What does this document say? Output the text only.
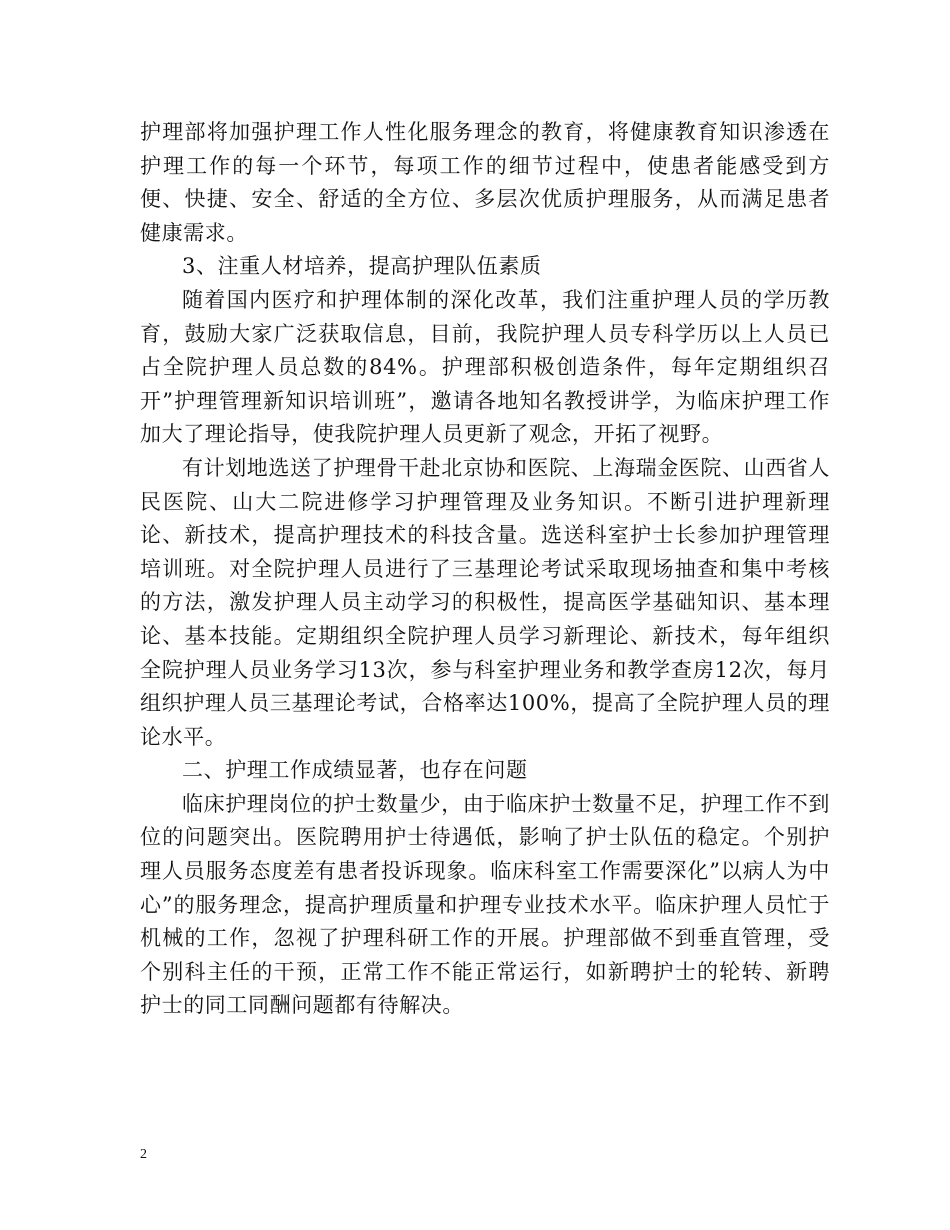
护理部将加强护理工作人性化服务理念的教育，将健康教育知识渗透在护理工作的每一个环节，每项工作的细节过程中，使患者能感受到方便、快捷、安全、舒适的全方位、多层次优质护理服务，从而满足患者健康需求。

3、注重人材培养，提高护理队伍素质

随着国内医疗和护理体制的深化改革，我们注重护理人员的学历教育，鼓励大家广泛获取信息，目前，我院护理人员专科学历以上人员已占全院护理人员总数的84%。护理部积极创造条件，每年定期组织召开”护理管理新知识培训班”，邀请各地知名教授讲学，为临床护理工作加大了理论指导，使我院护理人员更新了观念，开拓了视野。

有计划地选送了护理骨干赴北京协和医院、上海瑞金医院、山西省人民医院、山大二院进修学习护理管理及业务知识。不断引进护理新理论、新技术，提高护理技术的科技含量。选送科室护士长参加护理管理培训班。对全院护理人员进行了三基理论考试采取现场抽查和集中考核的方法，激发护理人员主动学习的积极性，提高医学基础知识、基本理论、基本技能。定期组织全院护理人员学习新理论、新技术，每年组织全院护理人员业务学习13次，参与科室护理业务和教学查房12次，每月组织护理人员三基理论考试，合格率达100%，提高了全院护理人员的理论水平。

二、护理工作成绩显著，也存在问题

临床护理岗位的护士数量少，由于临床护士数量不足，护理工作不到位的问题突出。医院聘用护士待遇低，影响了护士队伍的稳定。个别护理人员服务态度差有患者投诉现象。临床科室工作需要深化”以病人为中心”的服务理念，提高护理质量和护理专业技术水平。临床护理人员忙于机械的工作，忽视了护理科研工作的开展。护理部做不到垂直管理，受个别科主任的干预，正常工作不能正常运行，如新聘护士的轮转、新聘护士的同工同酬问题都有待解决。

2
